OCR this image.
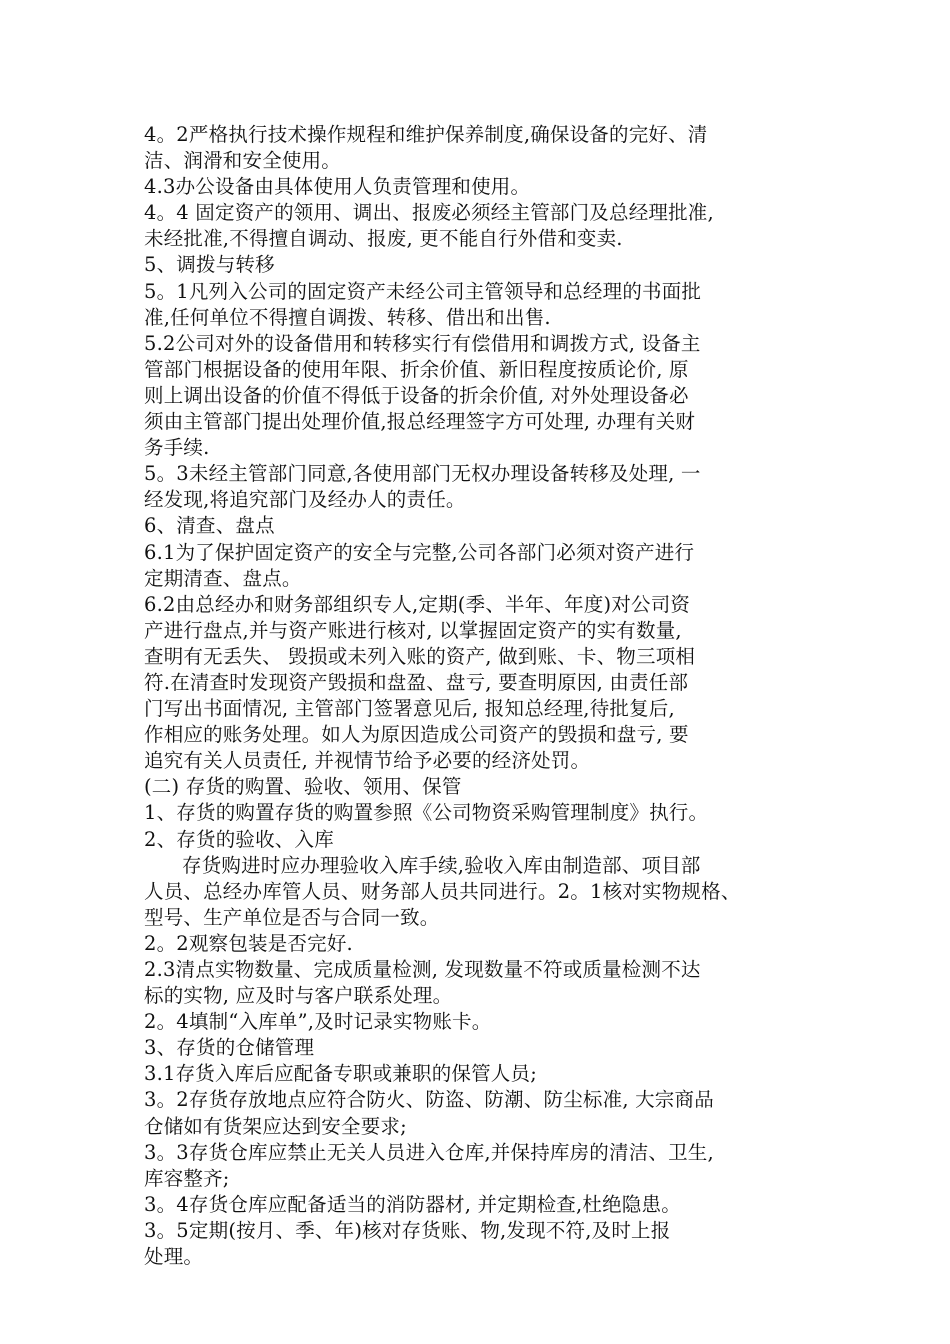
4。2严格执行技术操作规程和维护保养制度,确保设备的完好、清
洁、润滑和安全使用。
4.3办公设备由具体使用人负责管理和使用。
4。4 固定资产的领用、调出、报废必须经主管部门及总经理批准,
未经批准,不得擅自调动、报废, 更不能自行外借和变卖.
5、调拨与转移
5。1凡列入公司的固定资产未经公司主管领导和总经理的书面批
准,任何单位不得擅自调拨、转移、借出和出售.
5.2公司对外的设备借用和转移实行有偿借用和调拨方式, 设备主
管部门根据设备的使用年限、折余价值、新旧程度按质论价, 原
则上调出设备的价值不得低于设备的折余价值, 对外处理设备必
须由主管部门提出处理价值,报总经理签字方可处理, 办理有关财
务手续.
5。3未经主管部门同意,各使用部门无权办理设备转移及处理, 一
经发现,将追究部门及经办人的责任。
6、清查、盘点
6.1为了保护固定资产的安全与完整,公司各部门必须对资产进行
定期清查、盘点。
6.2由总经办和财务部组织专人,定期(季、半年、年度)对公司资
产进行盘点,并与资产账进行核对, 以掌握固定资产的实有数量,
查明有无丢失、 毁损或未列入账的资产, 做到账、卡、物三项相
符.在清查时发现资产毁损和盘盈、盘亏, 要查明原因, 由责任部
门写出书面情况, 主管部门签署意见后, 报知总经理,待批复后,
作相应的账务处理。如人为原因造成公司资产的毁损和盘亏, 要
追究有关人员责任, 并视情节给予必要的经济处罚。
(二) 存货的购置、验收、领用、保管
1、存货的购置存货的购置参照《公司物资采购管理制度》执行。
2、存货的验收、入库
存货购进时应办理验收入库手续,验收入库由制造部、项目部
人员、总经办库管人员、财务部人员共同进行。2。1核对实物规格、
型号、生产单位是否与合同一致。
2。2观察包装是否完好.
2.3清点实物数量、完成质量检测, 发现数量不符或质量检测不达
标的实物, 应及时与客户联系处理。
2。4填制“入库单”,及时记录实物账卡。
3、存货的仓储管理
3.1存货入库后应配备专职或兼职的保管人员;
3。2存货存放地点应符合防火、防盗、防潮、防尘标准, 大宗商品
仓储如有货架应达到安全要求;
3。3存货仓库应禁止无关人员进入仓库,并保持库房的清洁、卫生,
库容整齐;
3。4存货仓库应配备适当的消防器材, 并定期检查,杜绝隐患。
3。5定期(按月、季、年)核对存货账、物,发现不符,及时上报
处理。
